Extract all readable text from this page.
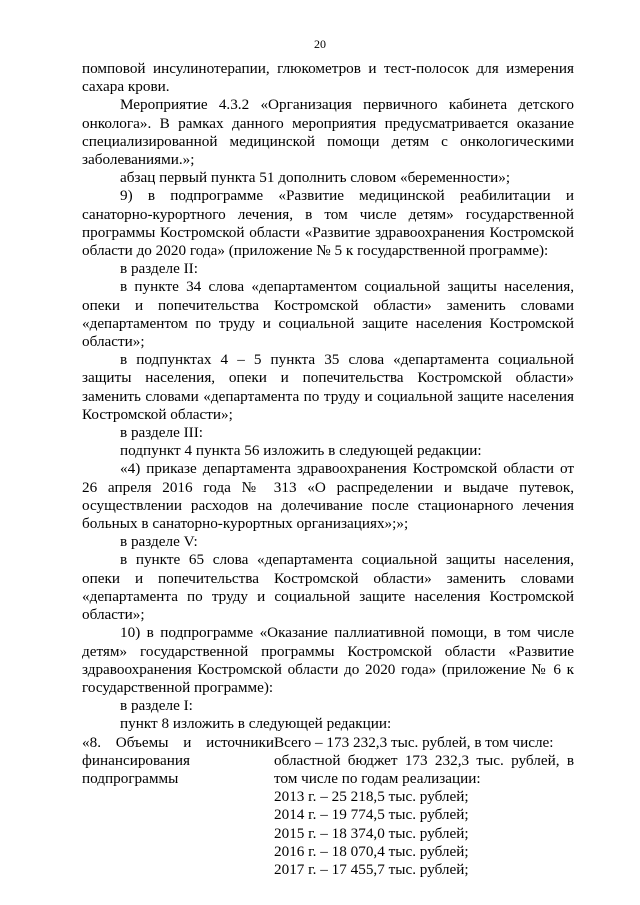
20

помповой инсулинотерапии, глюкометров и тест-полосок для измерения сахара крови.

Мероприятие 4.3.2 «Организация первичного кабинета детского онколога». В рамках данного мероприятия предусматривается оказание специализированной медицинской помощи детям с онкологическими заболеваниями.»;

абзац первый пункта 51 дополнить словом «беременности»;

9) в подпрограмме «Развитие медицинской реабилитации и санаторно-курортного лечения, в том числе детям» государственной программы Костромской области «Развитие здравоохранения Костромской области до 2020 года» (приложение № 5 к государственной программе):

в разделе II:

в пункте 34 слова «департаментом социальной защиты населения, опеки и попечительства Костромской области» заменить словами «департаментом по труду и социальной защите населения Костромской области»;

в подпунктах 4 – 5 пункта 35 слова «департамента социальной защиты населения, опеки и попечительства Костромской области» заменить словами «департамента по труду и социальной защите населения Костромской области»;

в разделе III:

подпункт 4 пункта 56 изложить в следующей редакции:

«4) приказе департамента здравоохранения Костромской области от 26 апреля 2016 года № 313 «О распределении и выдаче путевок, осуществлении расходов на долечивание после стационарного лечения больных в санаторно-курортных организациях»;»;

в разделе V:

в пункте 65 слова «департамента социальной защиты населения, опеки и попечительства Костромской области» заменить словами «департамента по труду и социальной защите населения Костромской области»;

10) в подпрограмме «Оказание паллиативной помощи, в том числе детям» государственной программы Костромской области «Развитие здравоохранения Костромской области до 2020 года» (приложение № 6 к государственной программе):

в разделе I:

пункт 8 изложить в следующей редакции:

«8. Объемы и источники финансирования подпрограммы
Всего – 173 232,3 тыс. рублей, в том числе:
областной бюджет 173 232,3 тыс. рублей, в том числе по годам реализации:
2013 г. – 25 218,5 тыс. рублей;
2014 г. – 19 774,5 тыс. рублей;
2015 г. – 18 374,0 тыс. рублей;
2016 г. – 18 070,4 тыс. рублей;
2017 г. – 17 455,7 тыс. рублей;
